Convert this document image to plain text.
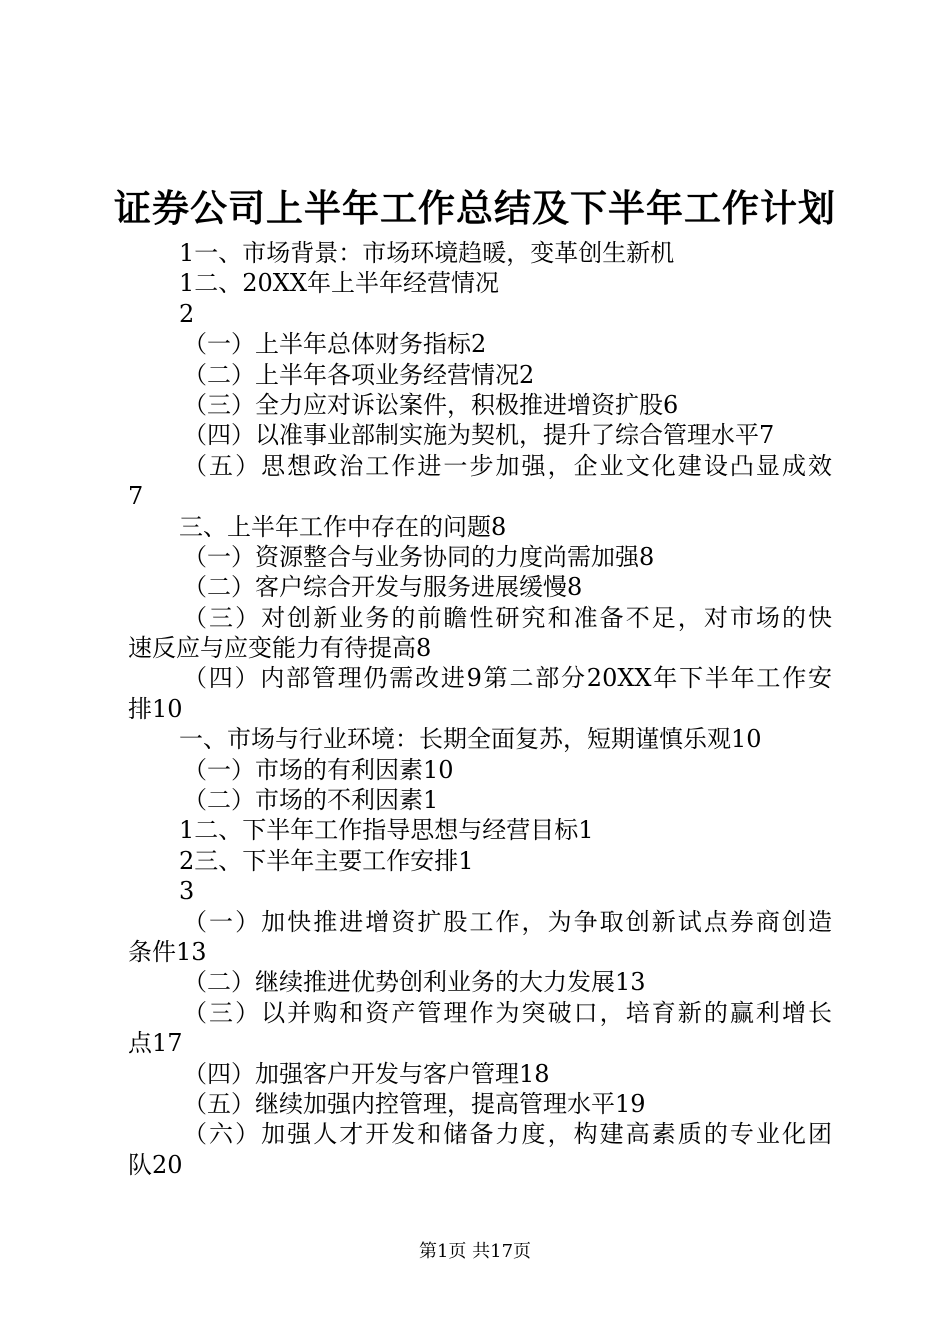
证券公司上半年工作总结及下半年工作计划
1一、市场背景：市场环境趋暖，变革创生新机
1二、20XX年上半年经营情况
2
（一）上半年总体财务指标2
（二）上半年各项业务经营情况2
（三）全力应对诉讼案件，积极推进增资扩股6
（四）以准事业部制实施为契机，提升了综合管理水平7
（五）思想政治工作进一步加强，企业文化建设凸显成效
7
三、上半年工作中存在的问题8
（一）资源整合与业务协同的力度尚需加强8
（二）客户综合开发与服务进展缓慢8
（三）对创新业务的前瞻性研究和准备不足，对市场的快
速反应与应变能力有待提高8
（四）内部管理仍需改进9第二部分20XX年下半年工作安
排10
一、市场与行业环境：长期全面复苏，短期谨慎乐观10
（一）市场的有利因素10
（二）市场的不利因素1
1二、下半年工作指导思想与经营目标1
2三、下半年主要工作安排1
3
（一）加快推进增资扩股工作，为争取创新试点券商创造
条件13
（二）继续推进优势创利业务的大力发展13
（三）以并购和资产管理作为突破口，培育新的赢利增长
点17
（四）加强客户开发与客户管理18
（五）继续加强内控管理，提高管理水平19
（六）加强人才开发和储备力度，构建高素质的专业化团
队20
第1页 共17页
